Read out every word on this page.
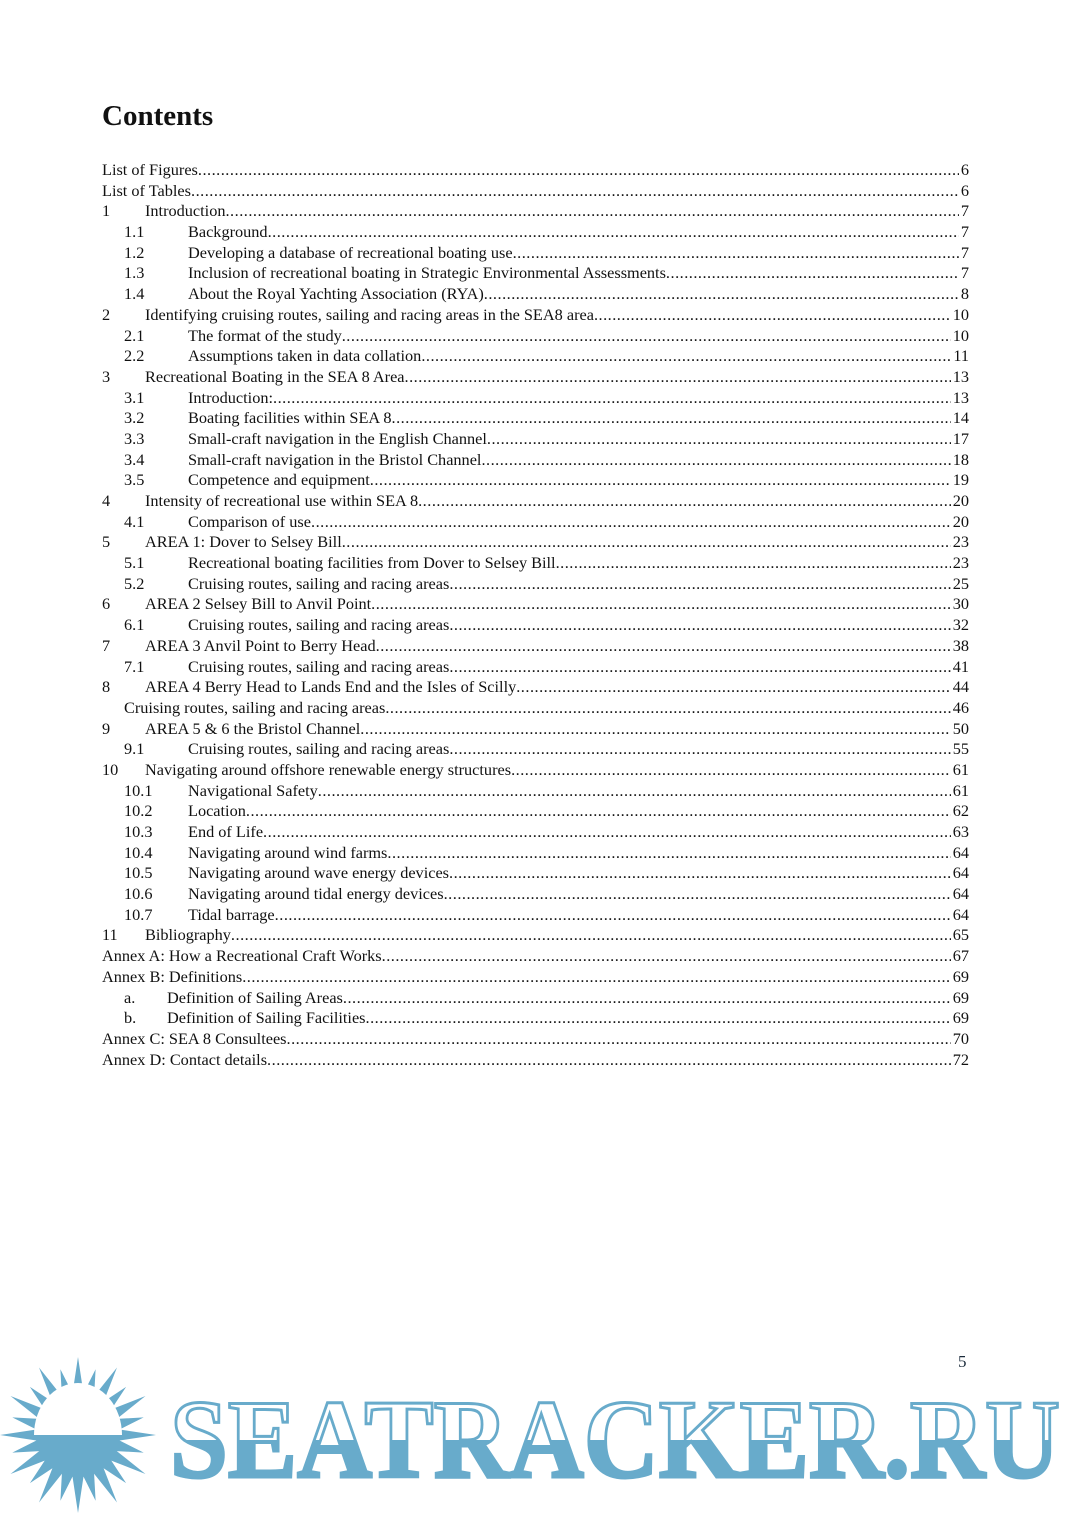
Contents
List of Figures .....	6
List of Tables .....	6
1	Introduction .....	7
1.1	Background .....	7
1.2	Developing a database of recreational boating use .....	7
1.3	Inclusion of recreational boating in Strategic Environmental Assessments .....	7
1.4	About the Royal Yachting Association (RYA) .....	8
2	Identifying cruising routes, sailing and racing areas in the SEA8 area .....	10
2.1	The format of the study .....	10
2.2	Assumptions taken in data collation .....	11
3	Recreational Boating in the SEA 8 Area .....	13
3.1	Introduction: .....	13
3.2	Boating facilities within SEA 8 .....	14
3.3	Small-craft navigation in the English Channel .....	17
3.4	Small-craft navigation in the Bristol Channel .....	18
3.5	Competence and equipment .....	19
4	Intensity of recreational use within SEA 8 .....	20
4.1	Comparison of use .....	20
5	AREA 1: Dover to Selsey Bill .....	23
5.1	Recreational boating facilities from Dover to Selsey Bill .....	23
5.2	Cruising routes, sailing and racing areas .....	25
6	AREA 2 Selsey Bill to Anvil Point .....	30
6.1	Cruising routes, sailing and racing areas .....	32
7	AREA 3 Anvil Point to Berry Head .....	38
7.1	Cruising routes, sailing and racing areas .....	41
8	AREA 4 Berry Head to Lands End and the Isles of Scilly .....	44
Cruising routes, sailing and racing areas .....	46
9	AREA 5 & 6 the Bristol Channel .....	50
9.1	Cruising routes, sailing and racing areas .....	55
10	Navigating around offshore renewable energy structures .....	61
10.1	Navigational Safety .....	61
10.2	Location .....	62
10.3	End of Life .....	63
10.4	Navigating around wind farms .....	64
10.5	Navigating around wave energy devices .....	64
10.6	Navigating around tidal energy devices .....	64
10.7	Tidal barrage .....	64
11	Bibliography .....	65
Annex A: How a Recreational Craft Works .....	67
Annex B: Definitions .....	69
a.	Definition of Sailing Areas .....	69
b.	Definition of Sailing Facilities .....	69
Annex C: SEA 8 Consultees .....	70
Annex D: Contact details .....	72
SEATRACKER.RU
5
